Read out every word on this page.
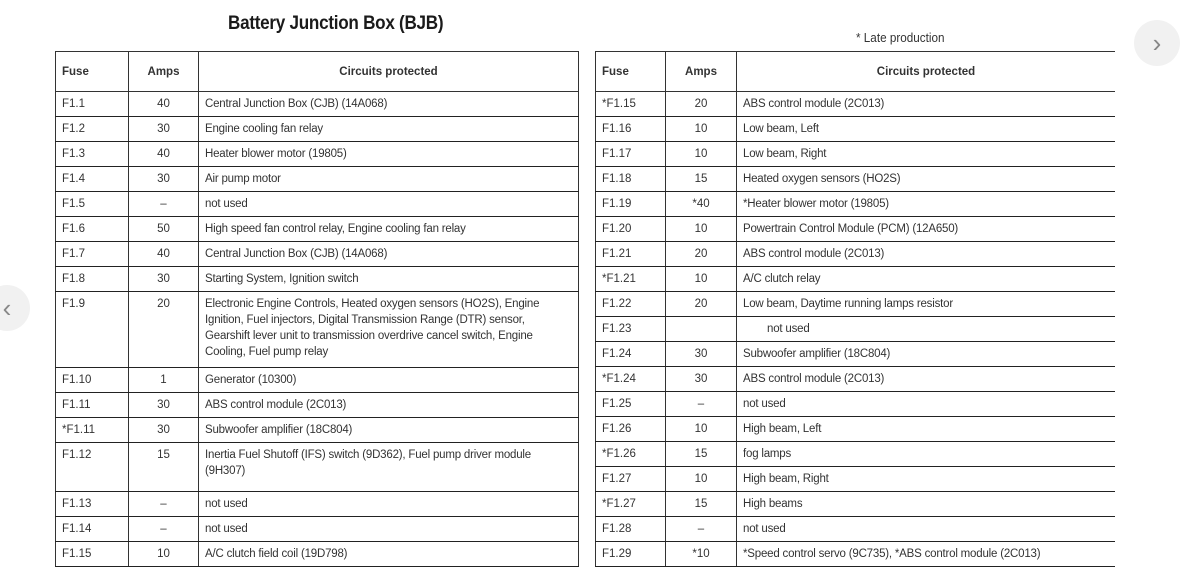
Battery Junction Box (BJB)
* Late production
Fuse	Amps	Circuits protected
F1.1	40	Central Junction Box (CJB) (14A068)
F1.2	30	Engine cooling fan relay
F1.3	40	Heater blower motor (19805)
F1.4	30	Air pump motor
F1.5	–	not used
F1.6	50	High speed fan control relay, Engine cooling fan relay
F1.7	40	Central Junction Box (CJB) (14A068)
F1.8	30	Starting System, Ignition switch
F1.9	20	Electronic Engine Controls, Heated oxygen sensors (HO2S), Engine Ignition, Fuel injectors, Digital Transmission Range (DTR) sensor, Gearshift lever unit to transmission overdrive cancel switch, Engine Cooling, Fuel pump relay
F1.10	1	Generator (10300)
F1.11	30	ABS control module (2C013)
*F1.11	30	Subwoofer amplifier (18C804)
F1.12	15	Inertia Fuel Shutoff (IFS) switch (9D362), Fuel pump driver module (9H307)
F1.13	–	not used
F1.14	–	not used
F1.15	10	A/C clutch field coil (19D798)
Fuse	Amps	Circuits protected
*F1.15	20	ABS control module (2C013)
F1.16	10	Low beam, Left
F1.17	10	Low beam, Right
F1.18	15	Heated oxygen sensors (HO2S)
F1.19	*40	*Heater blower motor (19805)
F1.20	10	Powertrain Control Module (PCM) (12A650)
F1.21	20	ABS control module (2C013)
*F1.21	10	A/C clutch relay
F1.22	20	Low beam, Daytime running lamps resistor
F1.23		not used
F1.24	30	Subwoofer amplifier (18C804)
*F1.24	30	ABS control module (2C013)
F1.25	–	not used
F1.26	10	High beam, Left
*F1.26	15	fog lamps
F1.27	10	High beam, Right
*F1.27	15	High beams
F1.28	–	not used
F1.29	*10	*Speed control servo (9C735), *ABS control module (2C013)
‹
›
